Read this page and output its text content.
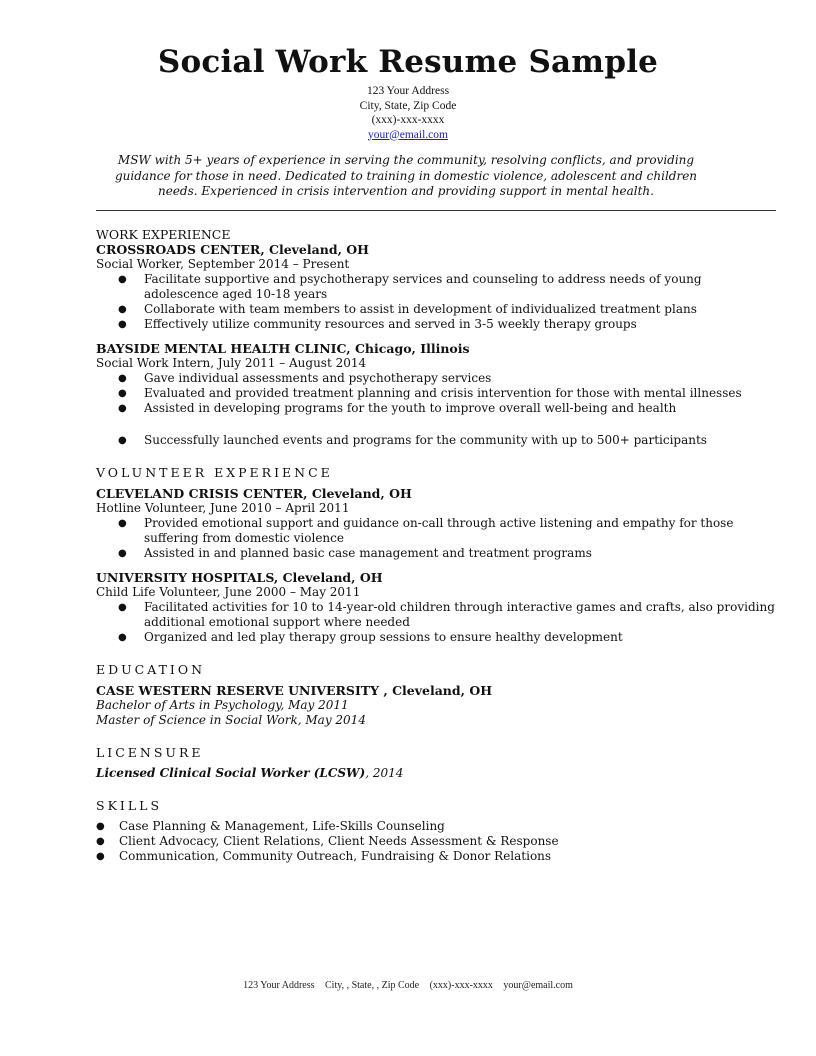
Social Work Resume Sample
123 Your Address
City, State, Zip Code
(xxx)-xxx-xxxx
your@email.com
MSW with 5+ years of experience in serving the community, resolving conflicts, and providing guidance for those in need. Dedicated to training in domestic violence, adolescent and children needs. Experienced in crisis intervention and providing support in mental health.
WORK EXPERIENCE
CROSSROADS CENTER, Cleveland, OH
Social Worker, September 2014 – Present
● Facilitate supportive and psychotherapy services and counseling to address needs of young adolescence aged 10-18 years
● Collaborate with team members to assist in development of individualized treatment plans
● Effectively utilize community resources and served in 3-5 weekly therapy groups
BAYSIDE MENTAL HEALTH CLINIC, Chicago, Illinois
Social Work Intern, July 2011 – August 2014
● Gave individual assessments and psychotherapy services
● Evaluated and provided treatment planning and crisis intervention for those with mental illnesses
● Assisted in developing programs for the youth to improve overall well-being and health
● Successfully launched events and programs for the community with up to 500+ participants
VOLUNTEER EXPERIENCE
CLEVELAND CRISIS CENTER, Cleveland, OH
Hotline Volunteer, June 2010 – April 2011
● Provided emotional support and guidance on-call through active listening and empathy for those suffering from domestic violence
● Assisted in and planned basic case management and treatment programs
UNIVERSITY HOSPITALS, Cleveland, OH
Child Life Volunteer, June 2000 – May 2011
● Facilitated activities for 10 to 14-year-old children through interactive games and crafts, also providing additional emotional support where needed
● Organized and led play therapy group sessions to ensure healthy development
EDUCATION
CASE WESTERN RESERVE UNIVERSITY , Cleveland, OH
Bachelor of Arts in Psychology, May 2011
Master of Science in Social Work, May 2014
LICENSURE
Licensed Clinical Social Worker (LCSW), 2014
SKILLS
● Case Planning & Management, Life-Skills Counseling
● Client Advocacy, Client Relations, Client Needs Assessment & Response
● Communication, Community Outreach, Fundraising & Donor Relations
123 Your Address City, , State, , Zip Code (xxx)-xxx-xxxx your@email.com
